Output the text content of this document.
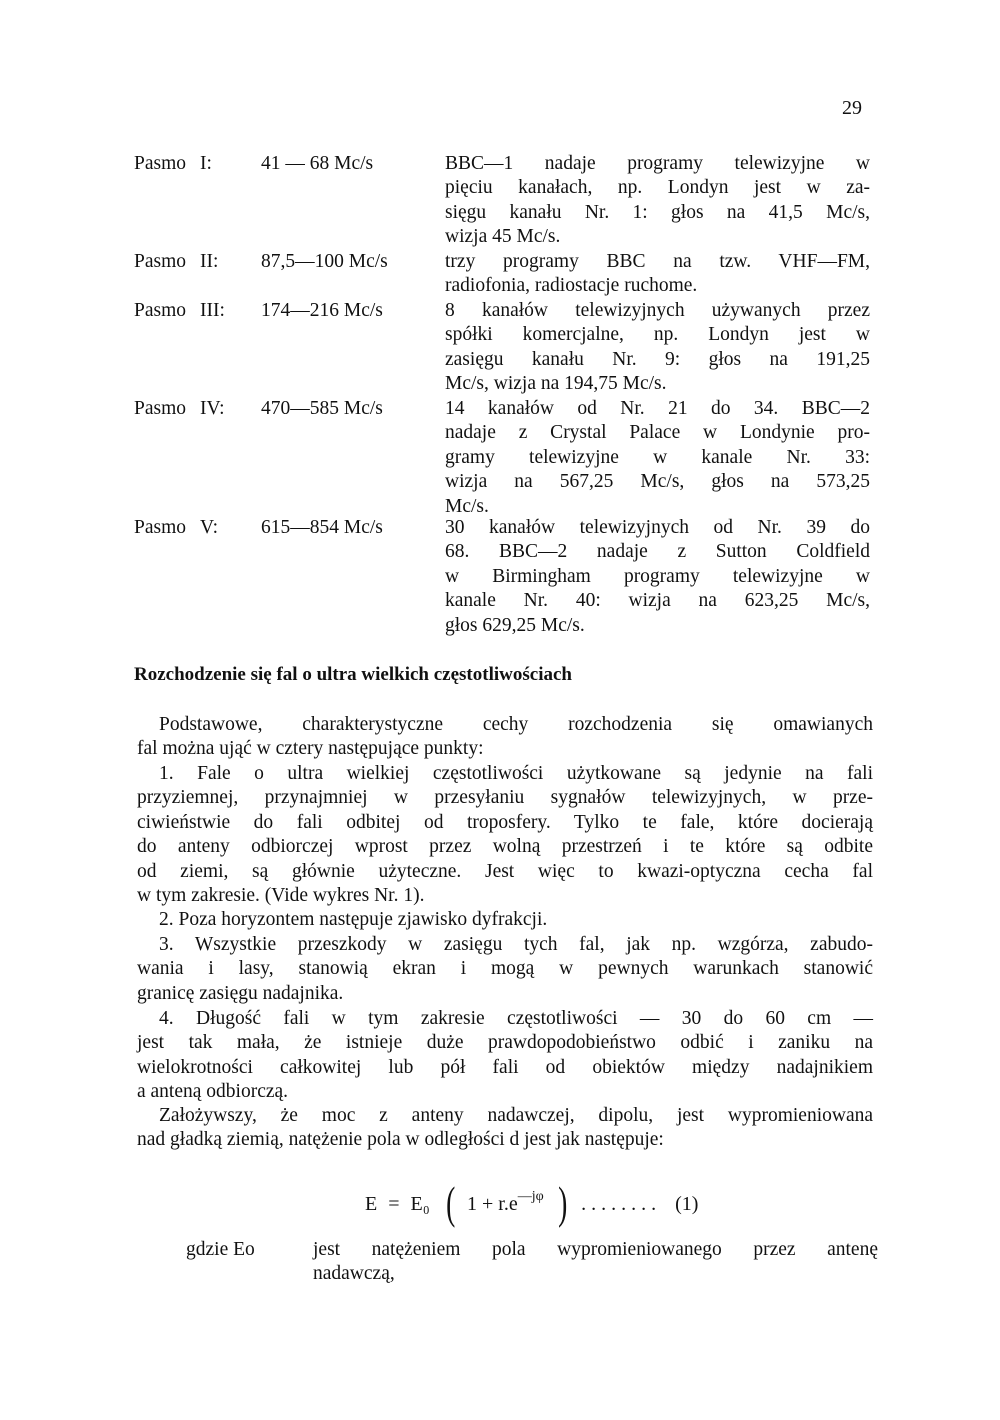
29
Pasmo I:	41 — 68 Mc/s	BBC—1 nadaje programy telewizyjne w
pięciu kanałach, np. Londyn jest w za-
sięgu kanału Nr. 1: głos na 41,5 Mc/s,
wizja 45 Mc/s.
Pasmo II: 87,5—100 Mc/s	trzy programy BBC na tzw. VHF—FM,
radiofonia, radiostacje ruchome.
Pasmo III: 174—216 Mc/s	8 kanałów telewizyjnych używanych przez
spółki komercjalne, np. Londyn jest w
zasięgu kanału Nr. 9: głos na 191,25
Mc/s, wizja na 194,75 Mc/s.
Pasmo IV: 470—585 Mc/s	14 kanałów od Nr. 21 do 34. BBC—2
nadaje z Crystal Palace w Londynie pro-
gramy telewizyjne w kanale Nr. 33:
wizja na 567,25 Mc/s, głos na 573,25
Mc/s.
Pasmo V: 615—854 Mc/s	30 kanałów telewizyjnych od Nr. 39 do
68. BBC—2 nadaje z Sutton Coldfield
w Birmingham programy telewizyjne w
kanale Nr. 40: wizja na 623,25 Mc/s,
głos 629,25 Mc/s.
Rozchodzenie się fal o ultra wielkich częstotliwościach
Podstawowe, charakterystyczne cechy rozchodzenia się omawianych
fal można ująć w cztery następujące punkty:
1. Fale o ultra wielkiej częstotliwości użytkowane są jedynie na fali
przyziemnej, przynajmniej w przesyłaniu sygnałów telewizyjnych, w prze-
ciwieństwie do fali odbitej od troposfery. Tylko te fale, które docierają
do anteny odbiorczej wprost przez wolną przestrzeń i te które są odbite
od ziemi, są głównie użyteczne. Jest więc to kwazi-optyczna cecha fal
w tym zakresie. (Vide wykres Nr. 1).
2. Poza horyzontem następuje zjawisko dyfrakcji.
3. Wszystkie przeszkody w zasięgu tych fal, jak np. wzgórza, zabudo-
wania i lasy, stanowią ekran i mogą w pewnych warunkach stanowić
granicę zasięgu nadajnika.
4. Długość fali w tym zakresie częstotliwości — 30 do 60 cm —
jest tak mała, że istnieje duże prawdopodobieństwo odbić i zaniku na
wielokrotności całkowitej lub pół fali od obiektów między nadajnikiem
a anteną odbiorczą.
Założywszy, że moc z anteny nadawczej, dipolu, jest wypromieniowana
nad gładką ziemią, natężenie pola w odległości d jest jak następuje:
E = E₀ ( $1 + r.e^{—j\varphi}$ ) . . . . . . . . (1)
gdzie Eo	jest natężeniem pola wypromieniowanego przez antenę
nadawczą,
